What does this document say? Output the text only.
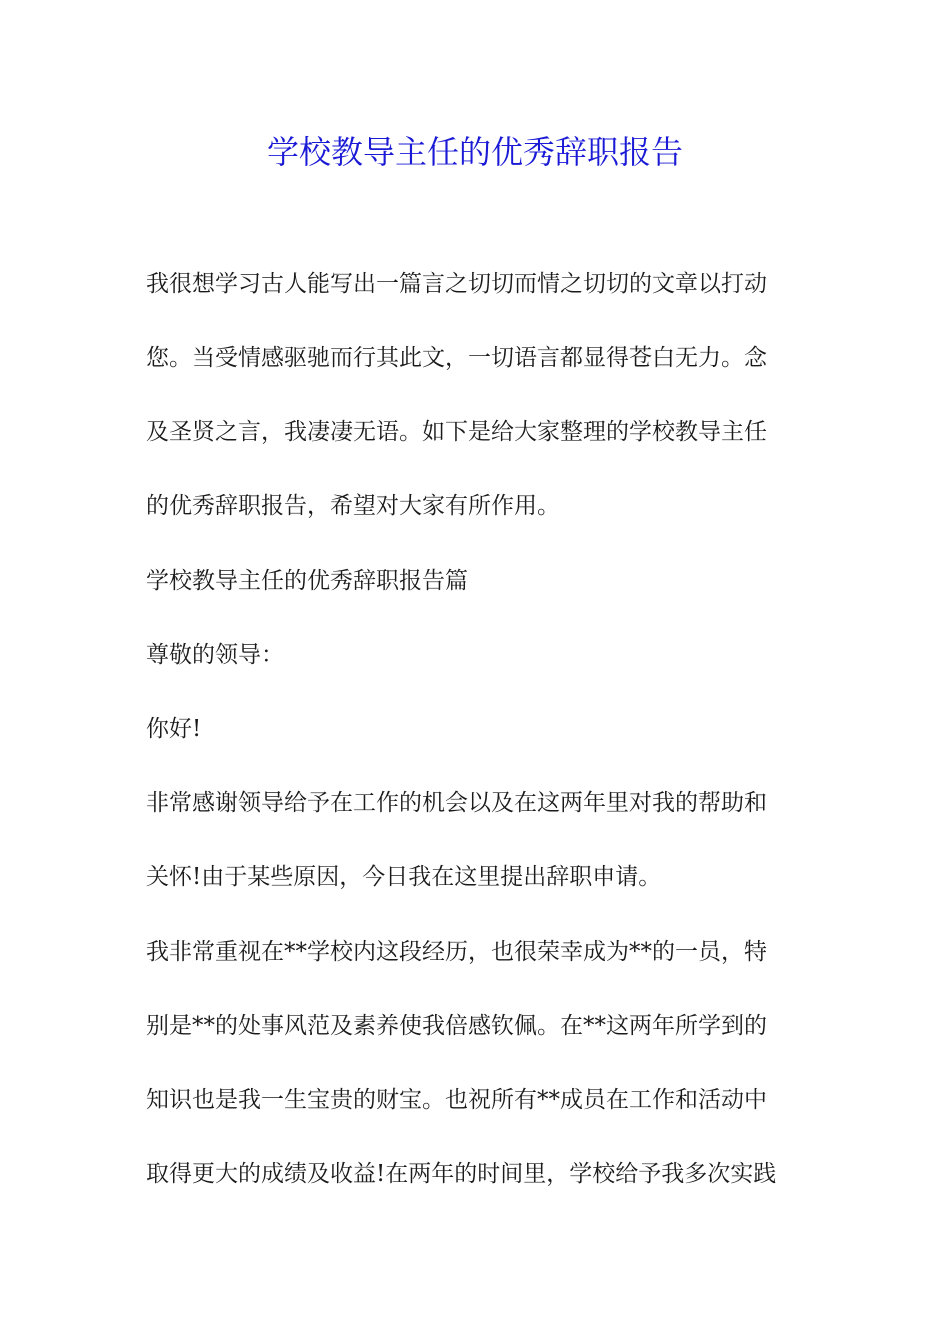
学校教导主任的优秀辞职报告

我很想学习古人能写出一篇言之切切而情之切切的文章以打动

您。当受情感驱驰而行其此文，一切语言都显得苍白无力。念

及圣贤之言，我凄凄无语。如下是给大家整理的学校教导主任

的优秀辞职报告，希望对大家有所作用。

学校教导主任的优秀辞职报告篇

尊敬的领导：

你好!

非常感谢领导给予在工作的机会以及在这两年里对我的帮助和

关怀!由于某些原因，今日我在这里提出辞职申请。

我非常重视在**学校内这段经历，也很荣幸成为**的一员，特

别是**的处事风范及素养使我倍感钦佩。在**这两年所学到的

知识也是我一生宝贵的财宝。也祝所有**成员在工作和活动中

取得更大的成绩及收益!在两年的时间里，学校给予我多次实践
